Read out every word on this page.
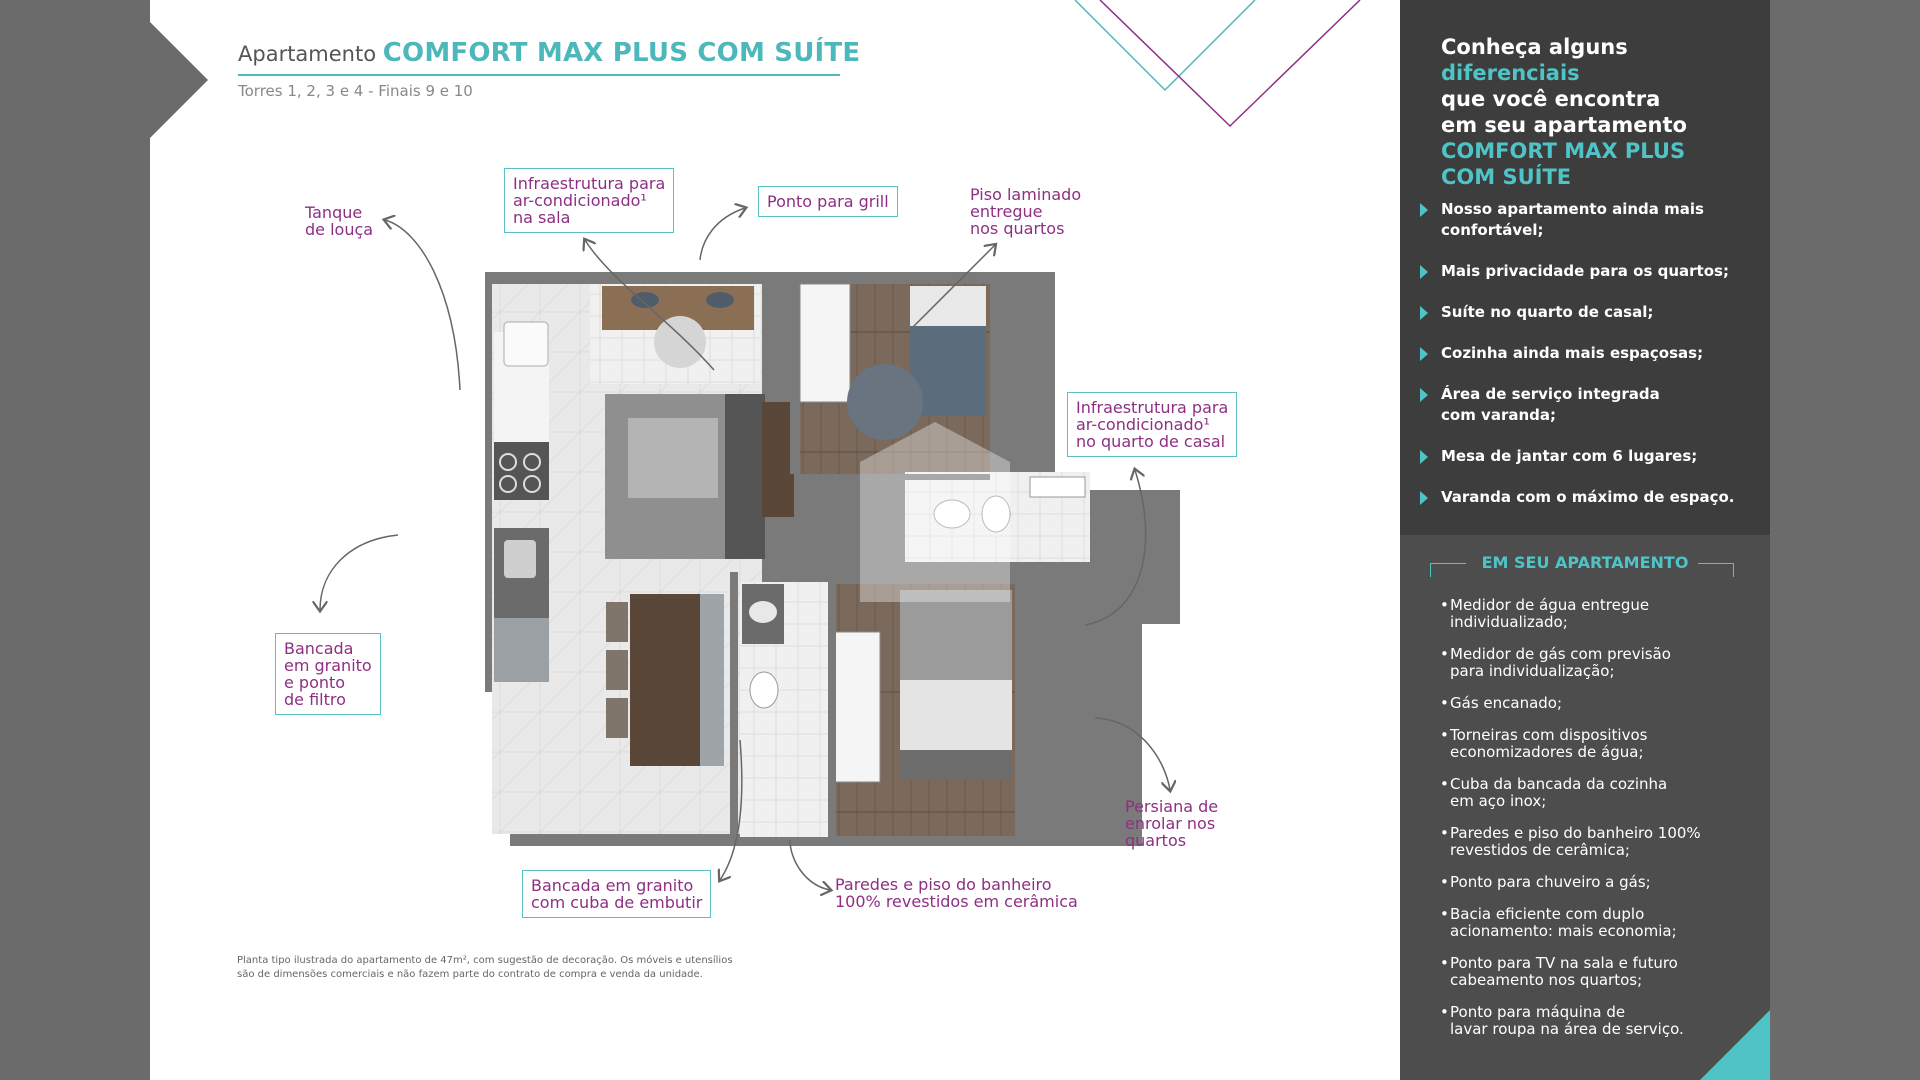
Apartamento COMFORT MAX PLUS COM SUÍTE
Torres 1, 2, 3 e 4 - Finais 9 e 10
Tanque
de louça
Infraestrutura para
ar-condicionado¹
na sala
Ponto para grill	Piso laminado
entregue
nos quartos
Infraestrutura para
ar-condicionado¹
no quarto de casal
Bancada
em granito
e ponto
de filtro
Bancada em granito
com cuba de embutir
Paredes e piso do banheiro
100% revestidos em cerâmica
Persiana de
enrolar nos
quartos
Planta tipo ilustrada do apartamento de 47m², com sugestão de decoração. Os móveis e utensílios
são de dimensões comerciais e não fazem parte do contrato de compra e venda da unidade.
Conheça alguns
diferenciais
que você encontra
em seu apartamento
COMFORT MAX PLUS
COM SUÍTE
Nosso apartamento ainda mais
confortável;
Mais privacidade para os quartos;
Suíte no quarto de casal;
Cozinha ainda mais espaçosas;
Área de serviço integrada
com varanda;
Mesa de jantar com 6 lugares;
Varanda com o máximo de espaço.
EM SEU APARTAMENTO
• Medidor de água entregue
individualizado;
• Medidor de gás com previsão
para individualização;
• Gás encanado;
• Torneiras com dispositivos
economizadores de água;
• Cuba da bancada da cozinha
em aço inox;
• Paredes e piso do banheiro 100%
revestidos de cerâmica;
• Ponto para chuveiro a gás;
• Bacia eficiente com duplo
acionamento: mais economia;
• Ponto para TV na sala e futuro
cabeamento nos quartos;
• Ponto para máquina de
lavar roupa na área de serviço.
